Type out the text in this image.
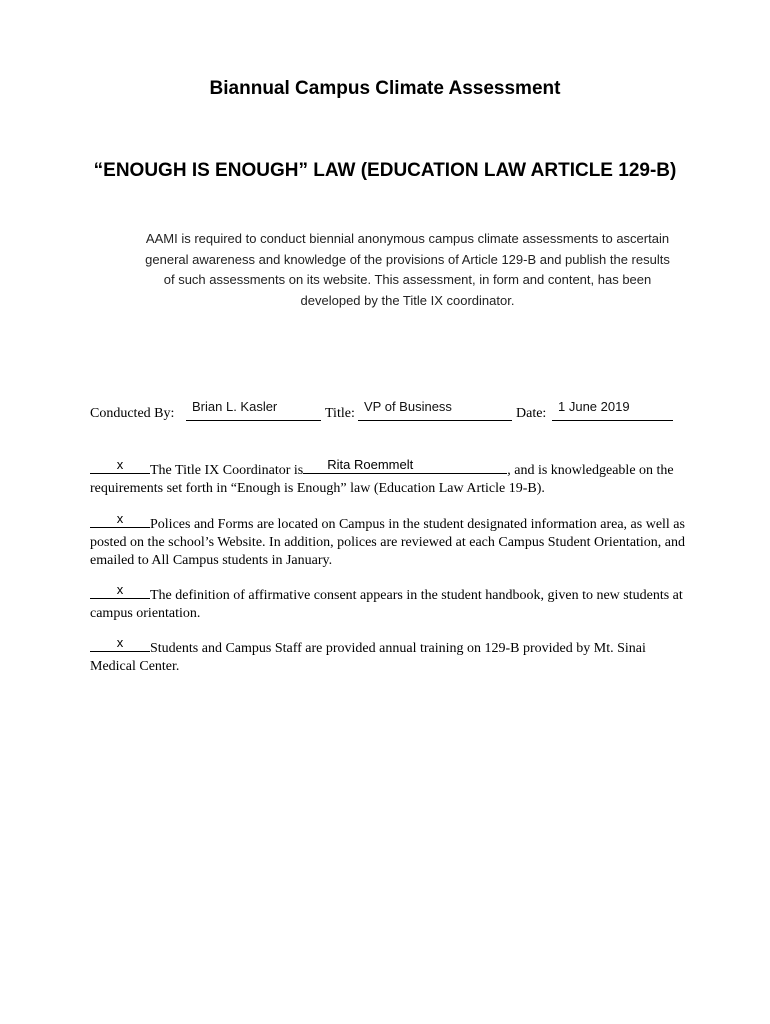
Biannual Campus Climate Assessment
“ENOUGH IS ENOUGH” LAW (EDUCATION LAW ARTICLE 129-B)
AAMI is required to conduct biennial anonymous campus climate assessments to ascertain general awareness and knowledge of the provisions of Article 129-B and publish the results of such assessments on its website. This assessment, in form and content, has been developed by the Title IX coordinator.
Conducted By: Brian L. Kasler	Title: VP of Business	Date: 1 June 2019
x	The Title IX Coordinator is Rita Roemmelt	, and is knowledgeable on the requirements set forth in “Enough is Enough” law (Education Law Article 19-B).
x	Polices and Forms are located on Campus in the student designated information area, as well as posted on the school’s Website. In addition, polices are reviewed at each Campus Student Orientation, and emailed to All Campus students in January.
x	The definition of affirmative consent appears in the student handbook, given to new students at campus orientation.
x	Students and Campus Staff are provided annual training on 129-B provided by Mt. Sinai Medical Center.
